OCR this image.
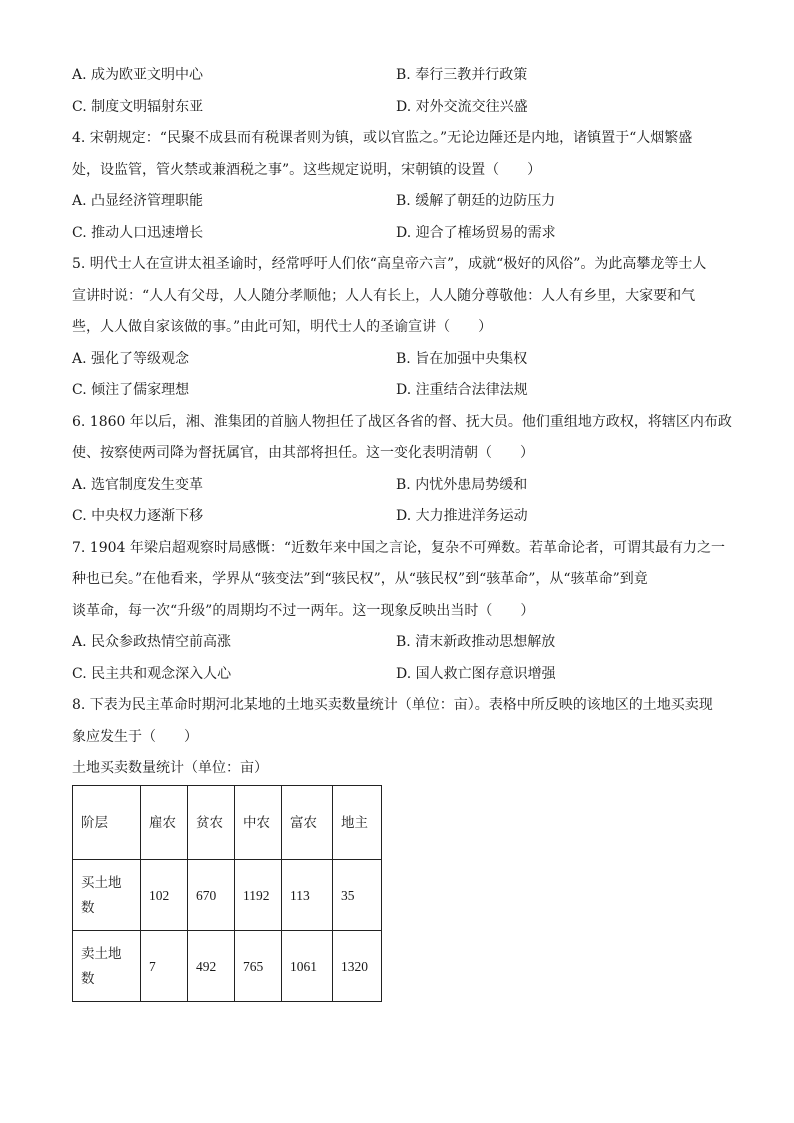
A. 成为欧亚文明中心	B. 奉行三教并行政策
C. 制度文明辐射东亚	D. 对外交流交往兴盛
4. 宋朝规定：“民聚不成县而有税课者则为镇，或以官监之。”无论边陲还是内地，诸镇置于“人烟繁盛
处，设监管，管火禁或兼酒税之事”。这些规定说明，宋朝镇的设置（　　）
A. 凸显经济管理职能	B. 缓解了朝廷的边防压力
C. 推动人口迅速增长	D. 迎合了榷场贸易的需求
5. 明代士人在宣讲太祖圣谕时，经常呼吁人们依“高皇帝六言”，成就“极好的风俗”。为此高攀龙等士人
宣讲时说：“人人有父母，人人随分孝顺他；人人有长上，人人随分尊敬他：人人有乡里，大家要和气
些，人人做自家该做的事。”由此可知，明代士人的圣谕宣讲（　　）
A. 强化了等级观念	B. 旨在加强中央集权
C. 倾注了儒家理想	D. 注重结合法律法规
6. 1860 年以后，湘、淮集团的首脑人物担任了战区各省的督、抚大员。他们重组地方政权，将辖区内布政
使、按察使两司降为督抚属官，由其部将担任。这一变化表明清朝（　　）
A. 选官制度发生变革	B. 内忧外患局势缓和
C. 中央权力逐渐下移	D. 大力推进洋务运动
7. 1904 年梁启超观察时局感慨：“近数年来中国之言论，复杂不可殚数。若革命论者，可谓其最有力之一
种也已矣。”在他看来，学界从“骇变法”到“骇民权”，从“骇民权”到“骇革命”，从“骇革命”到竟
谈革命，每一次“升级”的周期均不过一两年。这一现象反映出当时（　　）
A. 民众参政热情空前高涨	B. 清末新政推动思想解放
C. 民主共和观念深入人心	D. 国人救亡图存意识增强
8. 下表为民主革命时期河北某地的土地买卖数量统计（单位：亩）。表格中所反映的该地区的土地买卖现
象应发生于（　　）
土地买卖数量统计（单位：亩）
阶层	雇农	贫农	中农	富农	地主
买土地数	102	670	1192	113	35
卖土地数	7	492	765	1061	1320
